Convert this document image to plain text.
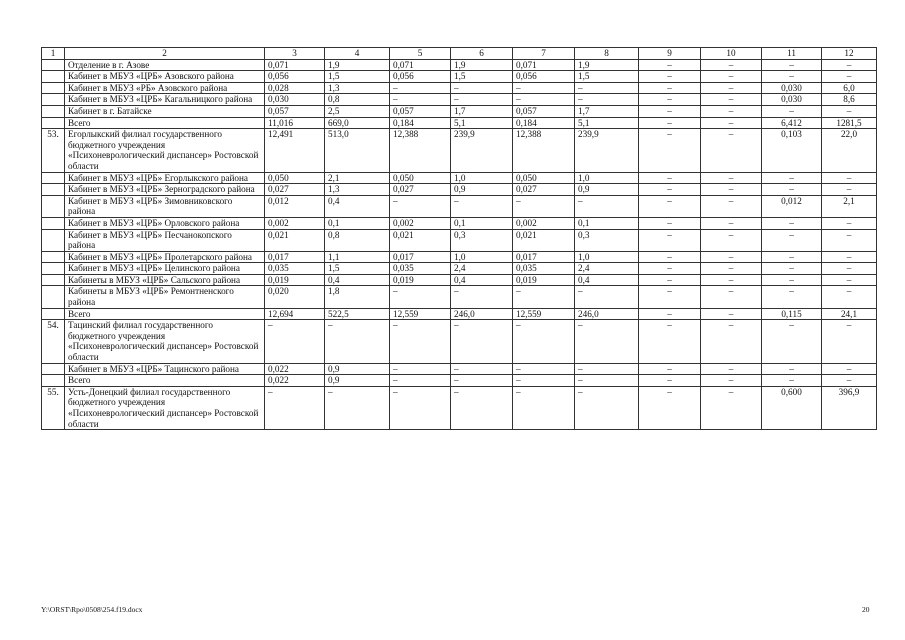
1	2	3	4	5	6	7	8	9	10	11	12
	Отделение в г. Азове	0,071	1,9	0,071	1,9	0,071	1,9	–	–	–	–
	Кабинет в МБУЗ «ЦРБ» Азовского района	0,056	1,5	0,056	1,5	0,056	1,5	–	–	–	–
	Кабинет в МБУЗ «РБ» Азовского района	0,028	1,3	–	–	–	–	–	–	0,030	6,0
	Кабинет в МБУЗ «ЦРБ» Кагальницкого района	0,030	0,8	–	–	–	–	–	–	0,030	8,6
	Кабинет в г. Батайске	0,057	2,5	0,057	1,7	0,057	1,7	–	–	–	–
	Всего	11,016	669,0	0,184	5,1	0,184	5,1	–	–	6,412	1281,5
53.	Егорлыкский филиал государственного бюджетного учреждения «Психоневрологический диспансер» Ростовской области	12,491	513,0	12,388	239,9	12,388	239,9	–	–	0,103	22,0
	Кабинет в МБУЗ «ЦРБ» Егорлыкского района	0,050	2,1	0,050	1,0	0,050	1,0	–	–	–	–
	Кабинет в МБУЗ «ЦРБ» Зерноградского района	0,027	1,3	0,027	0,9	0,027	0,9	–	–	–	–
	Кабинет в МБУЗ «ЦРБ» Зимовниковского района	0,012	0,4	–	–	–	–	–	–	0,012	2,1
	Кабинет в МБУЗ «ЦРБ» Орловского района	0,002	0,1	0,002	0,1	0,002	0,1	–	–	–	–
	Кабинет в МБУЗ «ЦРБ» Песчанокопского района	0,021	0,8	0,021	0,3	0,021	0,3	–	–	–	–
	Кабинет в МБУЗ «ЦРБ» Пролетарского района	0,017	1,1	0,017	1,0	0,017	1,0	–	–	–	–
	Кабинет в МБУЗ «ЦРБ» Целинского района	0,035	1,5	0,035	2,4	0,035	2,4	–	–	–	–
	Кабинеты в МБУЗ «ЦРБ» Сальского района	0,019	0,4	0,019	0,4	0,019	0,4	–	–	–	–
	Кабинеты в МБУЗ «ЦРБ» Ремонтненского района	0,020	1,8	–	–	–	–	–	–	–	–
	Всего	12,694	522,5	12,559	246,0	12,559	246,0	–	–	0,115	24,1
54.	Тацинский филиал государственного бюджетного учреждения «Психоневрологический диспансер» Ростовской области	–	–	–	–	–	–	–	–	–	–
	Кабинет в МБУЗ «ЦРБ» Тацинского района	0,022	0,9	–	–	–	–	–	–	–	–
	Всего	0,022	0,9	–	–	–	–	–	–	–	–
55.	Усть-Донецкий филиал государственного бюджетного учреждения «Психоневрологический диспансер» Ростовской области	–	–	–	–	–	–	–	–	0,600	396,9
Y:\ORST\Rpo\0508\254.f19.docx	20
